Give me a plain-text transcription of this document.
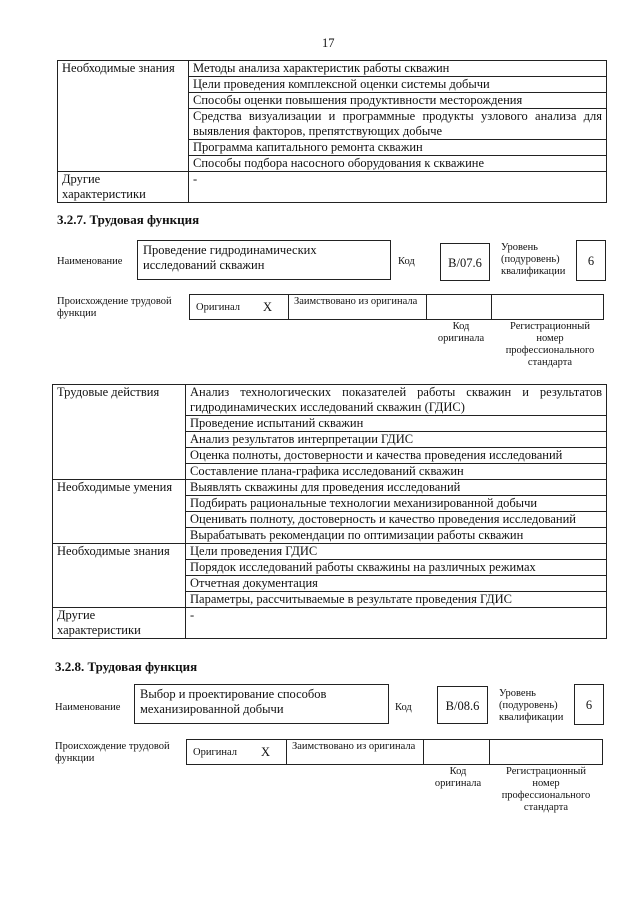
17
Необходимые знания	Методы анализа характеристик работы скважин
	Цели проведения комплексной оценки системы добычи
	Способы оценки повышения продуктивности месторождения
	Средства визуализации и программные продукты узлового анализа для выявления факторов, препятствующих добыче
	Программа капитального ремонта скважин
	Способы подбора насосного оборудования к скважине
Другие характеристики	-
3.2.7. Трудовая функция
Наименование
Проведение гидродинамических исследований скважин	Код	B/07.6
Уровень (подуровень) квалификации
6
Происхождение трудовой функции
Оригинал X Заимствовано из оригинала
Код оригинала
Регистрационный номер профессионального стандарта
Трудовые действия	Анализ технологических показателей работы скважин и результатов гидродинамических исследований скважин (ГДИС)
	Проведение испытаний скважин
	Анализ результатов интерпретации ГДИС
	Оценка полноты, достоверности и качества проведения исследований
	Составление плана-графика исследований скважин
Необходимые умения	Выявлять скважины для проведения исследований
	Подбирать рациональные технологии механизированной добычи
	Оценивать полноту, достоверность и качество проведения исследований
	Вырабатывать рекомендации по оптимизации работы скважин
Необходимые знания	Цели проведения ГДИС
	Порядок исследований работы скважины на различных режимах
	Отчетная документация
	Параметры, рассчитываемые в результате проведения ГДИС
Другие характеристики	-
3.2.8. Трудовая функция
Наименование
Выбор и проектирование способов механизированной добычи	Код	B/08.6
Уровень (подуровень) квалификации
6
Происхождение трудовой функции
Оригинал X Заимствовано из оригинала
Код оригинала
Регистрационный номер профессионального стандарта
